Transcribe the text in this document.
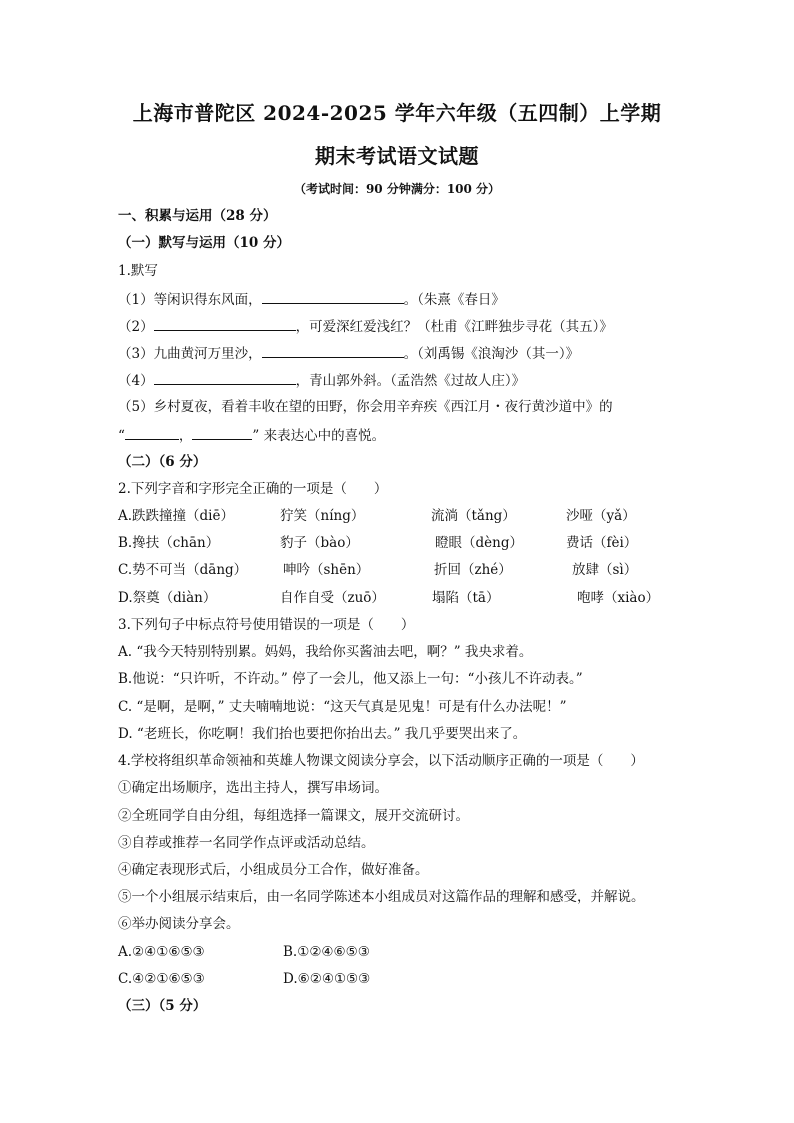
上海市普陀区 2024-2025 学年六年级（五四制）上学期
期末考试语文试题
（考试时间：90 分钟满分：100 分）
一、积累与运用（28 分）
（一）默写与运用（10 分）
1.默写
（1）等闲识得东风面，	。（朱熹《春日》
（2）	，可爱深红爱浅红？（杜甫《江畔独步寻花（其五）》
（3）九曲黄河万里沙，	。（刘禹锡《浪淘沙（其一）》
（4）	，青山郭外斜。（孟浩然《过故人庄）》
（5）乡村夏夜，看着丰收在望的田野，你会用辛弃疾《西江月・夜行黄沙道中》的
“	，	” 来表达心中的喜悦。
（二）（6 分）
2.下列字音和字形完全正确的一项是（　　）
A.跌跌撞撞（diē）	狞笑（níng）	流淌（tǎng）	沙哑（yǎ）
B.搀扶（chān）	豹子（bào）	瞪眼（dèng）	费话（fèi）
C.势不可当（dāng）	呻吟（shēn）	折回（zhé）	放肆（sì）
D.祭奠（diàn）	自作自受（zuō）	塌陷（tā）	咆哮（xiào）
3.下列句子中标点符号使用错误的一项是（　　）
A. “我今天特别特别累。妈妈，我给你买酱油去吧，啊？” 我央求着。
B.他说：“只许听，不许动。” 停了一会儿，他又添上一句：“小孩儿不许动表。”
C. “是啊，是啊，” 丈夫喃喃地说：“这天气真是见鬼！可是有什么办法呢！”
D. “老班长，你吃啊！我们抬也要把你抬出去。” 我几乎要哭出来了。
4.学校将组织革命领袖和英雄人物课文阅读分享会，以下活动顺序正确的一项是（　　）
①确定出场顺序，选出主持人，撰写串场词。
②全班同学自由分组，每组选择一篇课文，展开交流研讨。
③自荐或推荐一名同学作点评或活动总结。
④确定表现形式后，小组成员分工合作，做好准备。
⑤一个小组展示结束后，由一名同学陈述本小组成员对这篇作品的理解和感受，并解说。
⑥举办阅读分享会。
A.②④①⑥⑤③	B.①②④⑥⑤③
C.④②①⑥⑤③	D.⑥②④①⑤③
（三）（5 分）
